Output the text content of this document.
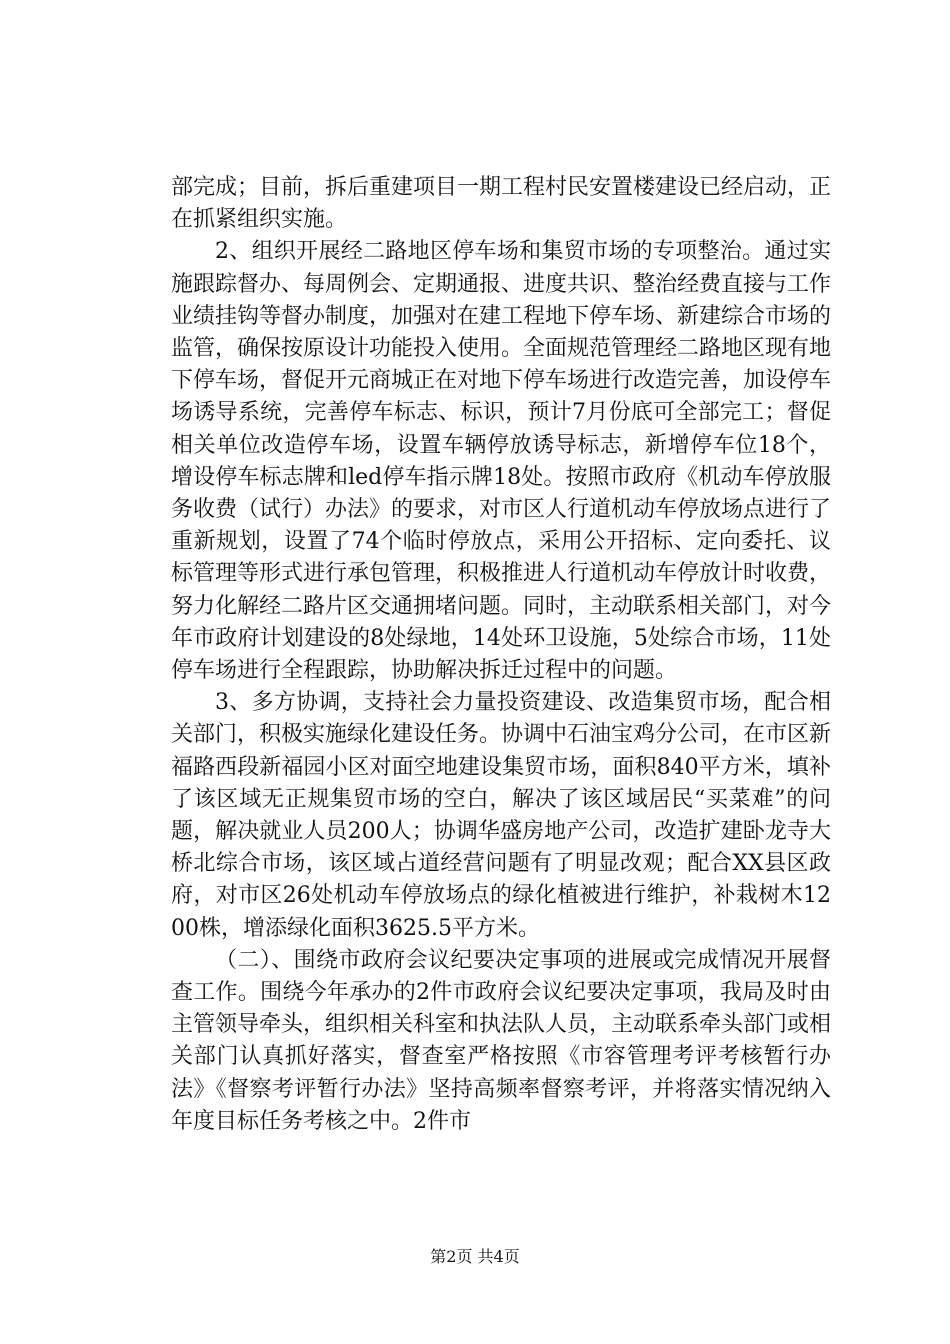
部完成；目前，拆后重建项目一期工程村民安置楼建设已经启动，正在抓紧组织实施。

2、组织开展经二路地区停车场和集贸市场的专项整治。通过实施跟踪督办、每周例会、定期通报、进度共识、整治经费直接与工作业绩挂钩等督办制度，加强对在建工程地下停车场、新建综合市场的监管，确保按原设计功能投入使用。全面规范管理经二路地区现有地下停车场，督促开元商城正在对地下停车场进行改造完善，加设停车场诱导系统，完善停车标志、标识，预计7月份底可全部完工；督促相关单位改造停车场，设置车辆停放诱导标志，新增停车位18个，增设停车标志牌和led停车指示牌18处。按照市政府《机动车停放服务收费（试行）办法》的要求，对市区人行道机动车停放场点进行了重新规划，设置了74个临时停放点，采用公开招标、定向委托、议标管理等形式进行承包管理，积极推进人行道机动车停放计时收费，努力化解经二路片区交通拥堵问题。同时，主动联系相关部门，对今年市政府计划建设的8处绿地，14处环卫设施，5处综合市场，11处停车场进行全程跟踪，协助解决拆迁过程中的问题。

3、多方协调，支持社会力量投资建设、改造集贸市场，配合相关部门，积极实施绿化建设任务。协调中石油宝鸡分公司，在市区新福路西段新福园小区对面空地建设集贸市场，面积840平方米，填补了该区域无正规集贸市场的空白，解决了该区域居民“买菜难”的问题，解决就业人员200人；协调华盛房地产公司，改造扩建卧龙寺大桥北综合市场，该区域占道经营问题有了明显改观；配合XX县区政府，对市区26处机动车停放场点的绿化植被进行维护，补栽树木1200株，增添绿化面积3625.5平方米。

（二）、围绕市政府会议纪要决定事项的进展或完成情况开展督查工作。围绕今年承办的2件市政府会议纪要决定事项，我局及时由主管领导牵头，组织相关科室和执法队人员，主动联系牵头部门或相关部门认真抓好落实，督查室严格按照《市容管理考评考核暂行办法》《督察考评暂行办法》坚持高频率督察考评，并将落实情况纳入年度目标任务考核之中。2件市

第2页 共4页
